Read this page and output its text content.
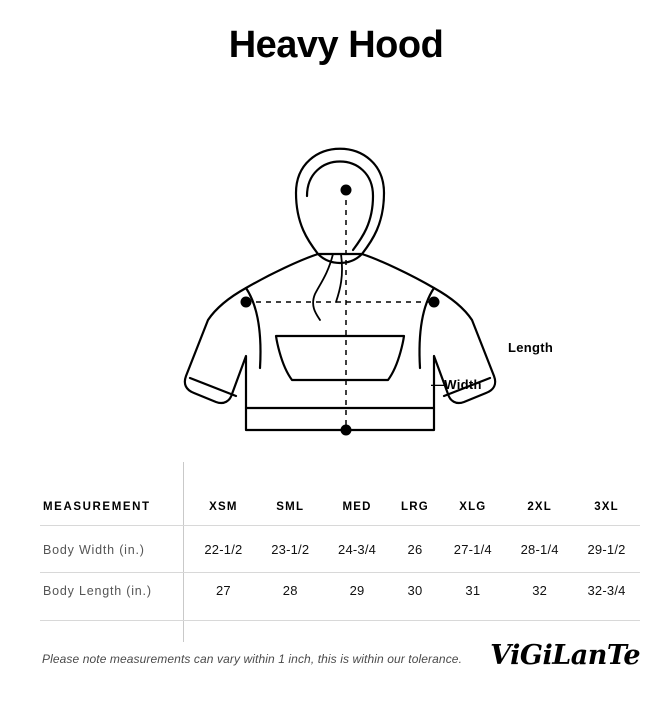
Heavy Hood
Length
—Width
MEASUREMENT	XSM	SML	MED	LRG	XLG	2XL	3XL
Body Width (in.)	22-1/2	23-1/2	24-3/4	26	27-1/4	28-1/4	29-1/2
Body Length (in.)	27	28	29	30	31	32	32-3/4
Please note measurements can vary within 1 inch, this is within our tolerance. ViGiLanTe
